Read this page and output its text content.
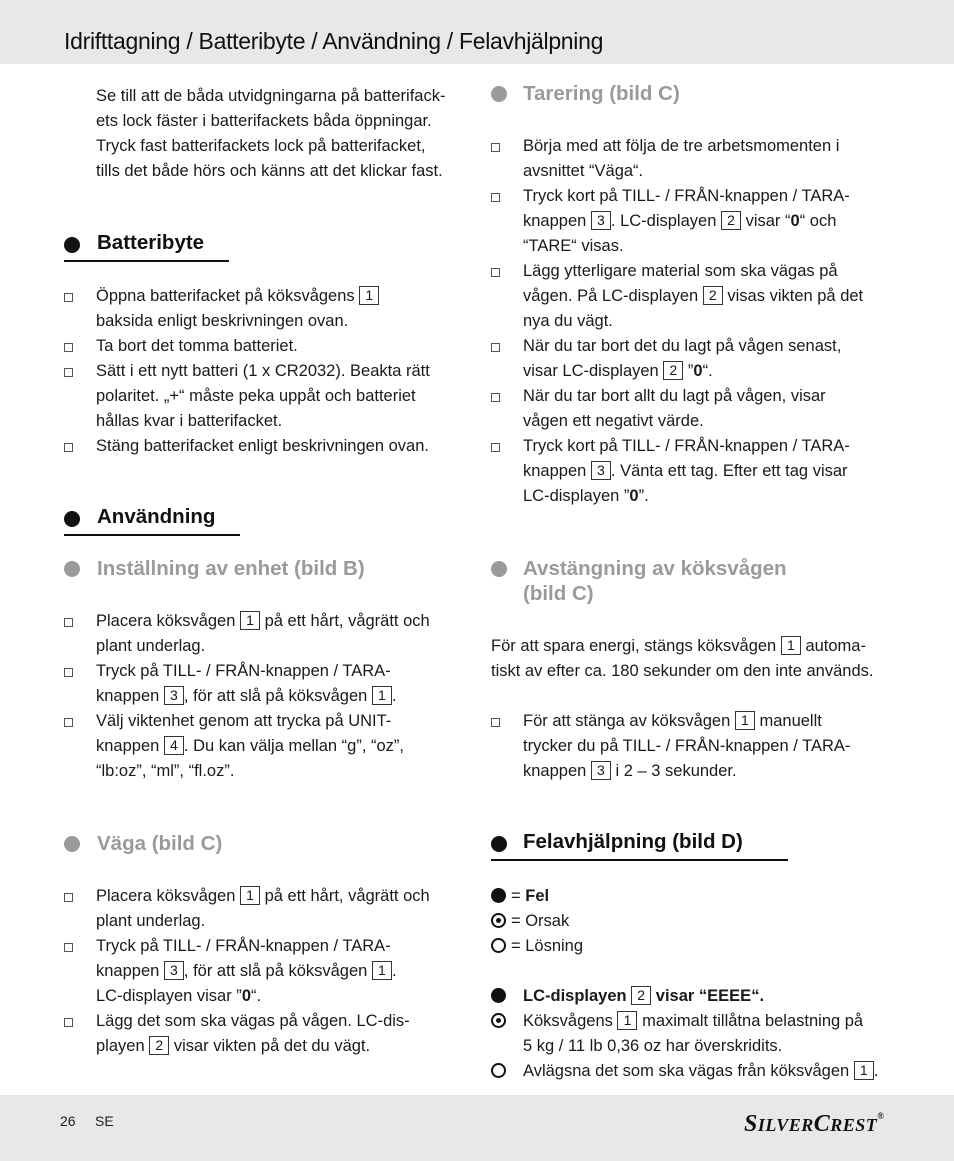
Idrifttagning / Batteribyte / Användning / Felavhjälpning
Se till att de båda utvidgningarna på batterifack-
ets lock fäster i batterifackets båda öppningar.
Tryck fast batterifackets lock på batterifacket,
tills det både hörs och känns att det klickar fast.
Batteribyte
Öppna batterifacket på köksvågens 1
baksida enligt beskrivningen ovan.
Ta bort det tomma batteriet.
Sätt i ett nytt batteri (1 x CR2032). Beakta rätt
polaritet. „+“ måste peka uppåt och batteriet
hållas kvar i batterifacket.
Stäng batterifacket enligt beskrivningen ovan.
Användning
Inställning av enhet (bild B)
Placera köksvågen 1 på ett hårt, vågrätt och
plant underlag.
Tryck på TILL- / FRÅN-knappen / TARA-
knappen 3 , för att slå på köksvågen 1 .
Välj viktenhet genom att trycka på UNIT-
knappen 4 . Du kan välja mellan “g”, “oz”,
“lb:oz”, “ml”, “fl.oz”.
Väga (bild C)
Placera köksvågen 1 på ett hårt, vågrätt och
plant underlag.
Tryck på TILL- / FRÅN-knappen / TARA-
knappen 3 , för att slå på köksvågen 1 .
LC-displayen visar ”0“.
Lägg det som ska vägas på vågen. LC-dis-
playen 2 visar vikten på det du vägt.
Tarering (bild C)
Börja med att följa de tre arbetsmomenten i
avsnittet “Väga“.
Tryck kort på TILL- / FRÅN-knappen / TARA-
knappen 3 . LC-displayen 2 visar “0“ och
“TARE“ visas.
Lägg ytterligare material som ska vägas på
vågen. På LC-displayen 2 visas vikten på det
nya du vägt.
När du tar bort det du lagt på vågen senast,
visar LC-displayen 2 ”0“.
När du tar bort allt du lagt på vågen, visar
vågen ett negativt värde.
Tryck kort på TILL- / FRÅN-knappen / TARA-
knappen 3 . Vänta ett tag. Efter ett tag visar
LC-displayen ”0”.
Avstängning av köksvågen
(bild C)
För att spara energi, stängs köksvågen 1 automa-
tiskt av efter ca. 180 sekunder om den inte används.
För att stänga av köksvågen 1 manuellt
trycker du på TILL- / FRÅN-knappen / TARA-
knappen 3 i 2 – 3 sekunder.
Felavhjälpning (bild D)
= Fel
= Orsak
= Lösning
LC-displayen 2 visar “EEEE“.
Köksvågens 1 maximalt tillåtna belastning på
5 kg / 11 lb 0,36 oz har överskridits.
Avlägsna det som ska vägas från köksvågen 1 .
26 SE	SILVERCREST®
